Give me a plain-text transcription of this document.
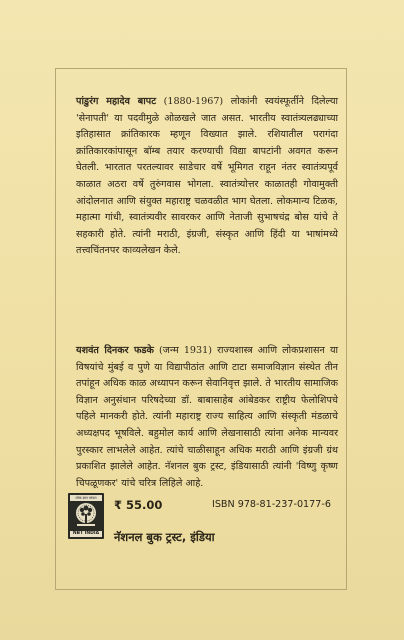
पांडुरंग महादेव बापट (1880-1967) लोकांनी स्वयंस्फूर्तीने दिलेल्या 'सेनापती' या पदवीमुळे ओळखले जात असत. भारतीय स्वातंत्र्यलढ्याच्या इतिहासात क्रांतिकारक म्हणून विख्यात झाले. रशियातील परागंदा क्रांतिकारकांपासून बॉम्ब तयार करण्याची विद्या बापटांनी अवगत करून घेतली. भारतात परतल्यावर साडेचार वर्षे भूमिगत राहून नंतर स्वातंत्र्यपूर्व काळात अठरा वर्षे तुरुंगवास भोगला. स्वातंत्र्योत्तर काळातही गोवामुक्ती आंदोलनात आणि संयुक्त महाराष्ट्र चळवळीत भाग घेतला. लोकमान्य टिळक, महात्मा गांधी, स्वातंत्र्यवीर सावरकर आणि नेताजी सुभाषचंद्र बोस यांचे ते सहकारी होते. त्यांनी मराठी, इंग्रजी, संस्कृत आणि हिंदी या भाषांमध्ये तत्त्वचिंतनपर काव्यलेखन केले.

यशवंत दिनकर फडके (जन्म 1931) राज्यशास्त्र आणि लोकप्रशासन या विषयांचे मुंबई व पुणे या विद्यापीठांत आणि टाटा समाजविज्ञान संस्थेत तीन तपांहून अधिक काळ अध्यापन करून सेवानिवृत्त झाले. ते भारतीय सामाजिक विज्ञान अनुसंधान परिषदेच्या डॉ. बाबासाहेब आंबेडकर राष्ट्रीय फेलोशिपचे पहिले मानकरी होते. त्यांनी महाराष्ट्र राज्य साहित्य आणि संस्कृती मंडळाचे अध्यक्षपद भूषविले. बहुमोल कार्य आणि लेखनासाठी त्यांना अनेक मान्यवर पुरस्कार लाभलेले आहेत. त्यांचे चाळीसाहून अधिक मराठी आणि इंग्रजी ग्रंथ प्रकाशित झालेले आहेत. नॅशनल बुक ट्रस्ट, इंडियासाठी त्यांनी 'विष्णु कृष्ण चिपळूणकर' यांचे चरित्र लिहिले आहे.

लोक ज्ञान परंपरा
NBT INDIA
₹ 55.00	ISBN 978-81-237-0177-6
नॅशनल बुक ट्रस्ट, इंडिया
